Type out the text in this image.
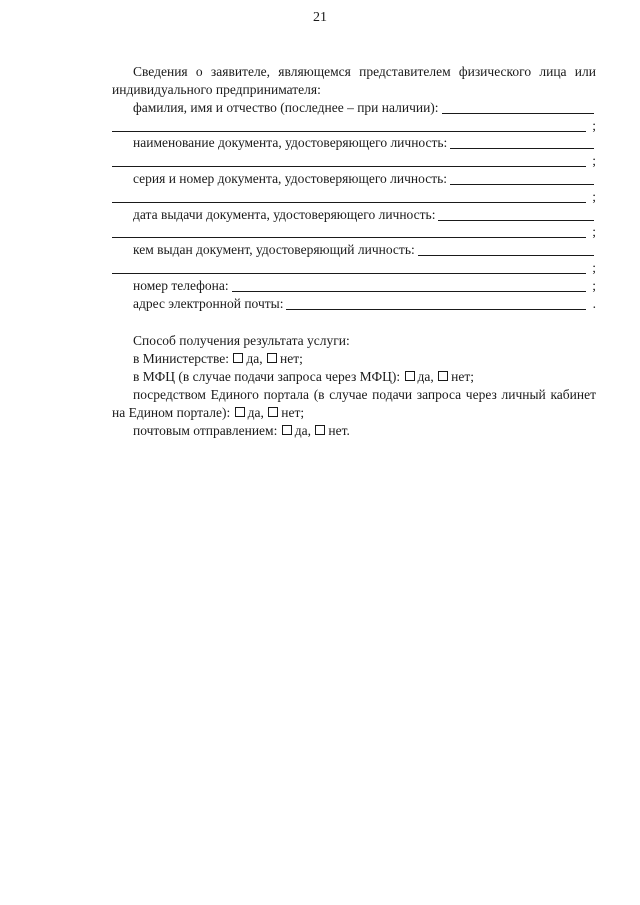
21

Сведения о заявителе, являющемся представителем физического лица или индивидуального предпринимателя:

фамилия, имя и отчество (последнее – при наличии):
;
наименование документа, удостоверяющего личность:
;
серия и номер документа, удостоверяющего личность:
;
дата выдачи документа, удостоверяющего личность:
;
кем выдан документ, удостоверяющий личность:
;
номер телефона:	;
адрес электронной почты:	.

Способ получения результата услуги:

в Министерстве: да, нет;

в МФЦ (в случае подачи запроса через МФЦ): да, нет;

посредством Единого портала (в случае подачи запроса через личный кабинет на Едином портале): да, нет;

почтовым отправлением: да, нет.
